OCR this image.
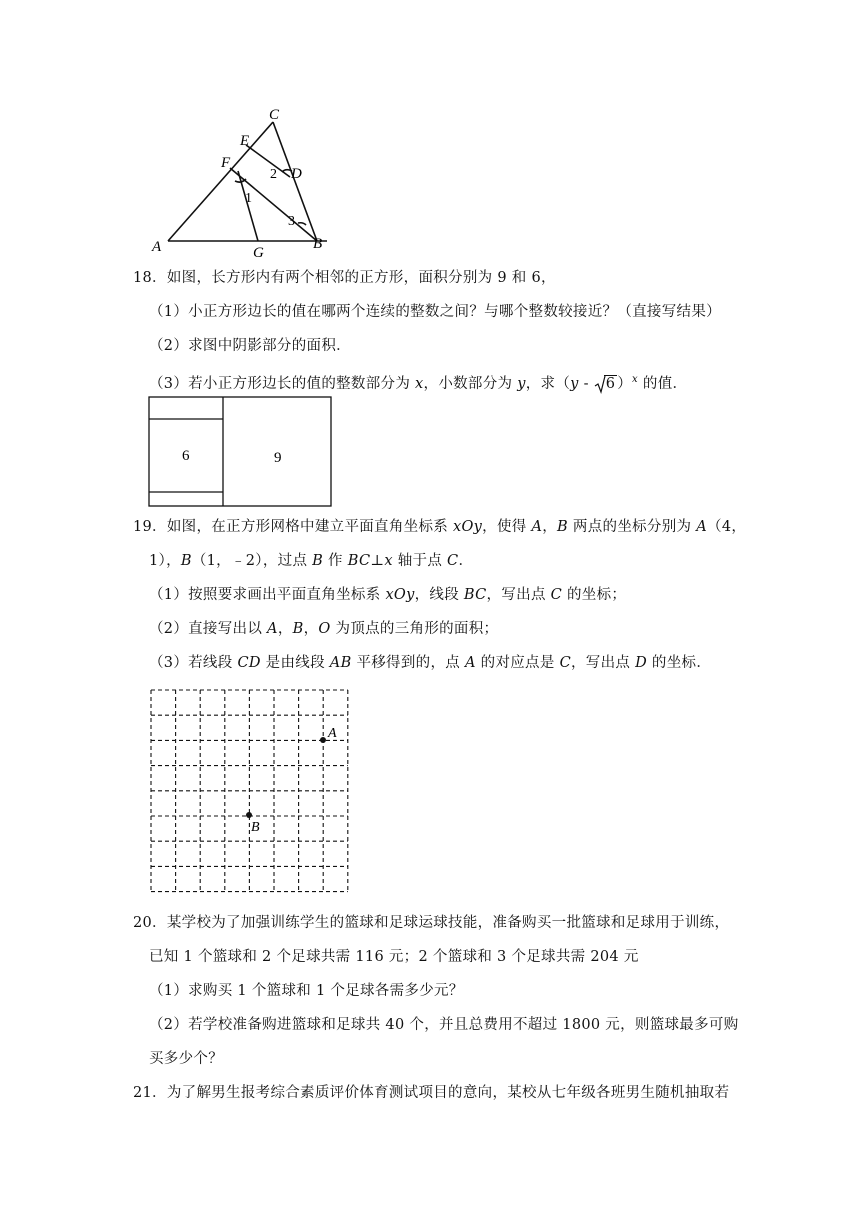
C
E
F
D
A	G
B
1
2
3
18．如图，长方形内有两个相邻的正方形，面积分别为 9 和 6，
（1）小正方形边长的值在哪两个连续的整数之间？与哪个整数较接近？（直接写结果）
（2）求图中阴影部分的面积．
（3）若小正方形边长的值的整数部分为 x，小数部分为 y，求（y -
6 ）$^x$ 的值．
6	9
19．如图，在正方形网格中建立平面直角坐标系 xOy，使得 A，B 两点的坐标分别为 A（4，
1），B（1，﹣2），过点 B 作 BC⊥x 轴于点 C．
（1）按照要求画出平面直角坐标系 xOy，线段 BC，写出点 C 的坐标；
（2）直接写出以 A，B，O 为顶点的三角形的面积；
（3）若线段 CD 是由线段 AB 平移得到的，点 A 的对应点是 C，写出点 D 的坐标．
A
B
20．某学校为了加强训练学生的篮球和足球运球技能，准备购买一批篮球和足球用于训练，
已知 1 个篮球和 2 个足球共需 116 元；2 个篮球和 3 个足球共需 204 元
（1）求购买 1 个篮球和 1 个足球各需多少元？
（2）若学校准备购进篮球和足球共 40 个，并且总费用不超过 1800 元，则篮球最多可购
买多少个？
21．为了解男生报考综合素质评价体育测试项目的意向，某校从七年级各班男生随机抽取若
